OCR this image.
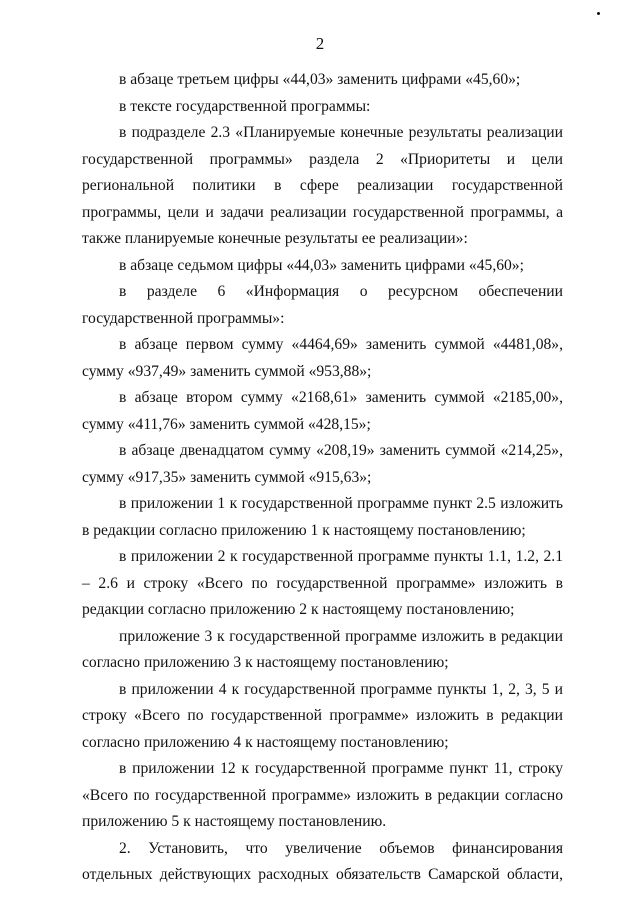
2

в абзаце третьем цифры «44,03» заменить цифрами «45,60»;

в тексте государственной программы:

в подразделе 2.3 «Планируемые конечные результаты реализации государственной программы» раздела 2 «Приоритеты и цели региональной политики в сфере реализации государственной программы, цели и задачи реализации государственной программы, а также планируемые конечные результаты ее реализации»:

в абзаце седьмом цифры «44,03» заменить цифрами «45,60»;

в разделе 6 «Информация о ресурсном обеспечении государственной программы»:

в абзаце первом сумму «4464,69» заменить суммой «4481,08», сумму «937,49» заменить суммой «953,88»;

в абзаце втором сумму «2168,61» заменить суммой «2185,00», сумму «411,76» заменить суммой «428,15»;

в абзаце двенадцатом сумму «208,19» заменить суммой «214,25», сумму «917,35» заменить суммой «915,63»;

в приложении 1 к государственной программе пункт 2.5 изложить в редакции согласно приложению 1 к настоящему постановлению;

в приложении 2 к государственной программе пункты 1.1, 1.2, 2.1 – 2.6 и строку «Всего по государственной программе» изложить в редакции согласно приложению 2 к настоящему постановлению;

приложение 3 к государственной программе изложить в редакции согласно приложению 3 к настоящему постановлению;

в приложении 4 к государственной программе пункты 1, 2, 3, 5 и строку «Всего по государственной программе» изложить в редакции согласно приложению 4 к настоящему постановлению;

в приложении 12 к государственной программе пункт 11, строку «Всего по государственной программе» изложить в редакции согласно приложению 5 к настоящему постановлению.

2. Установить, что увеличение объемов финансирования отдельных действующих расходных обязательств Самарской области,
